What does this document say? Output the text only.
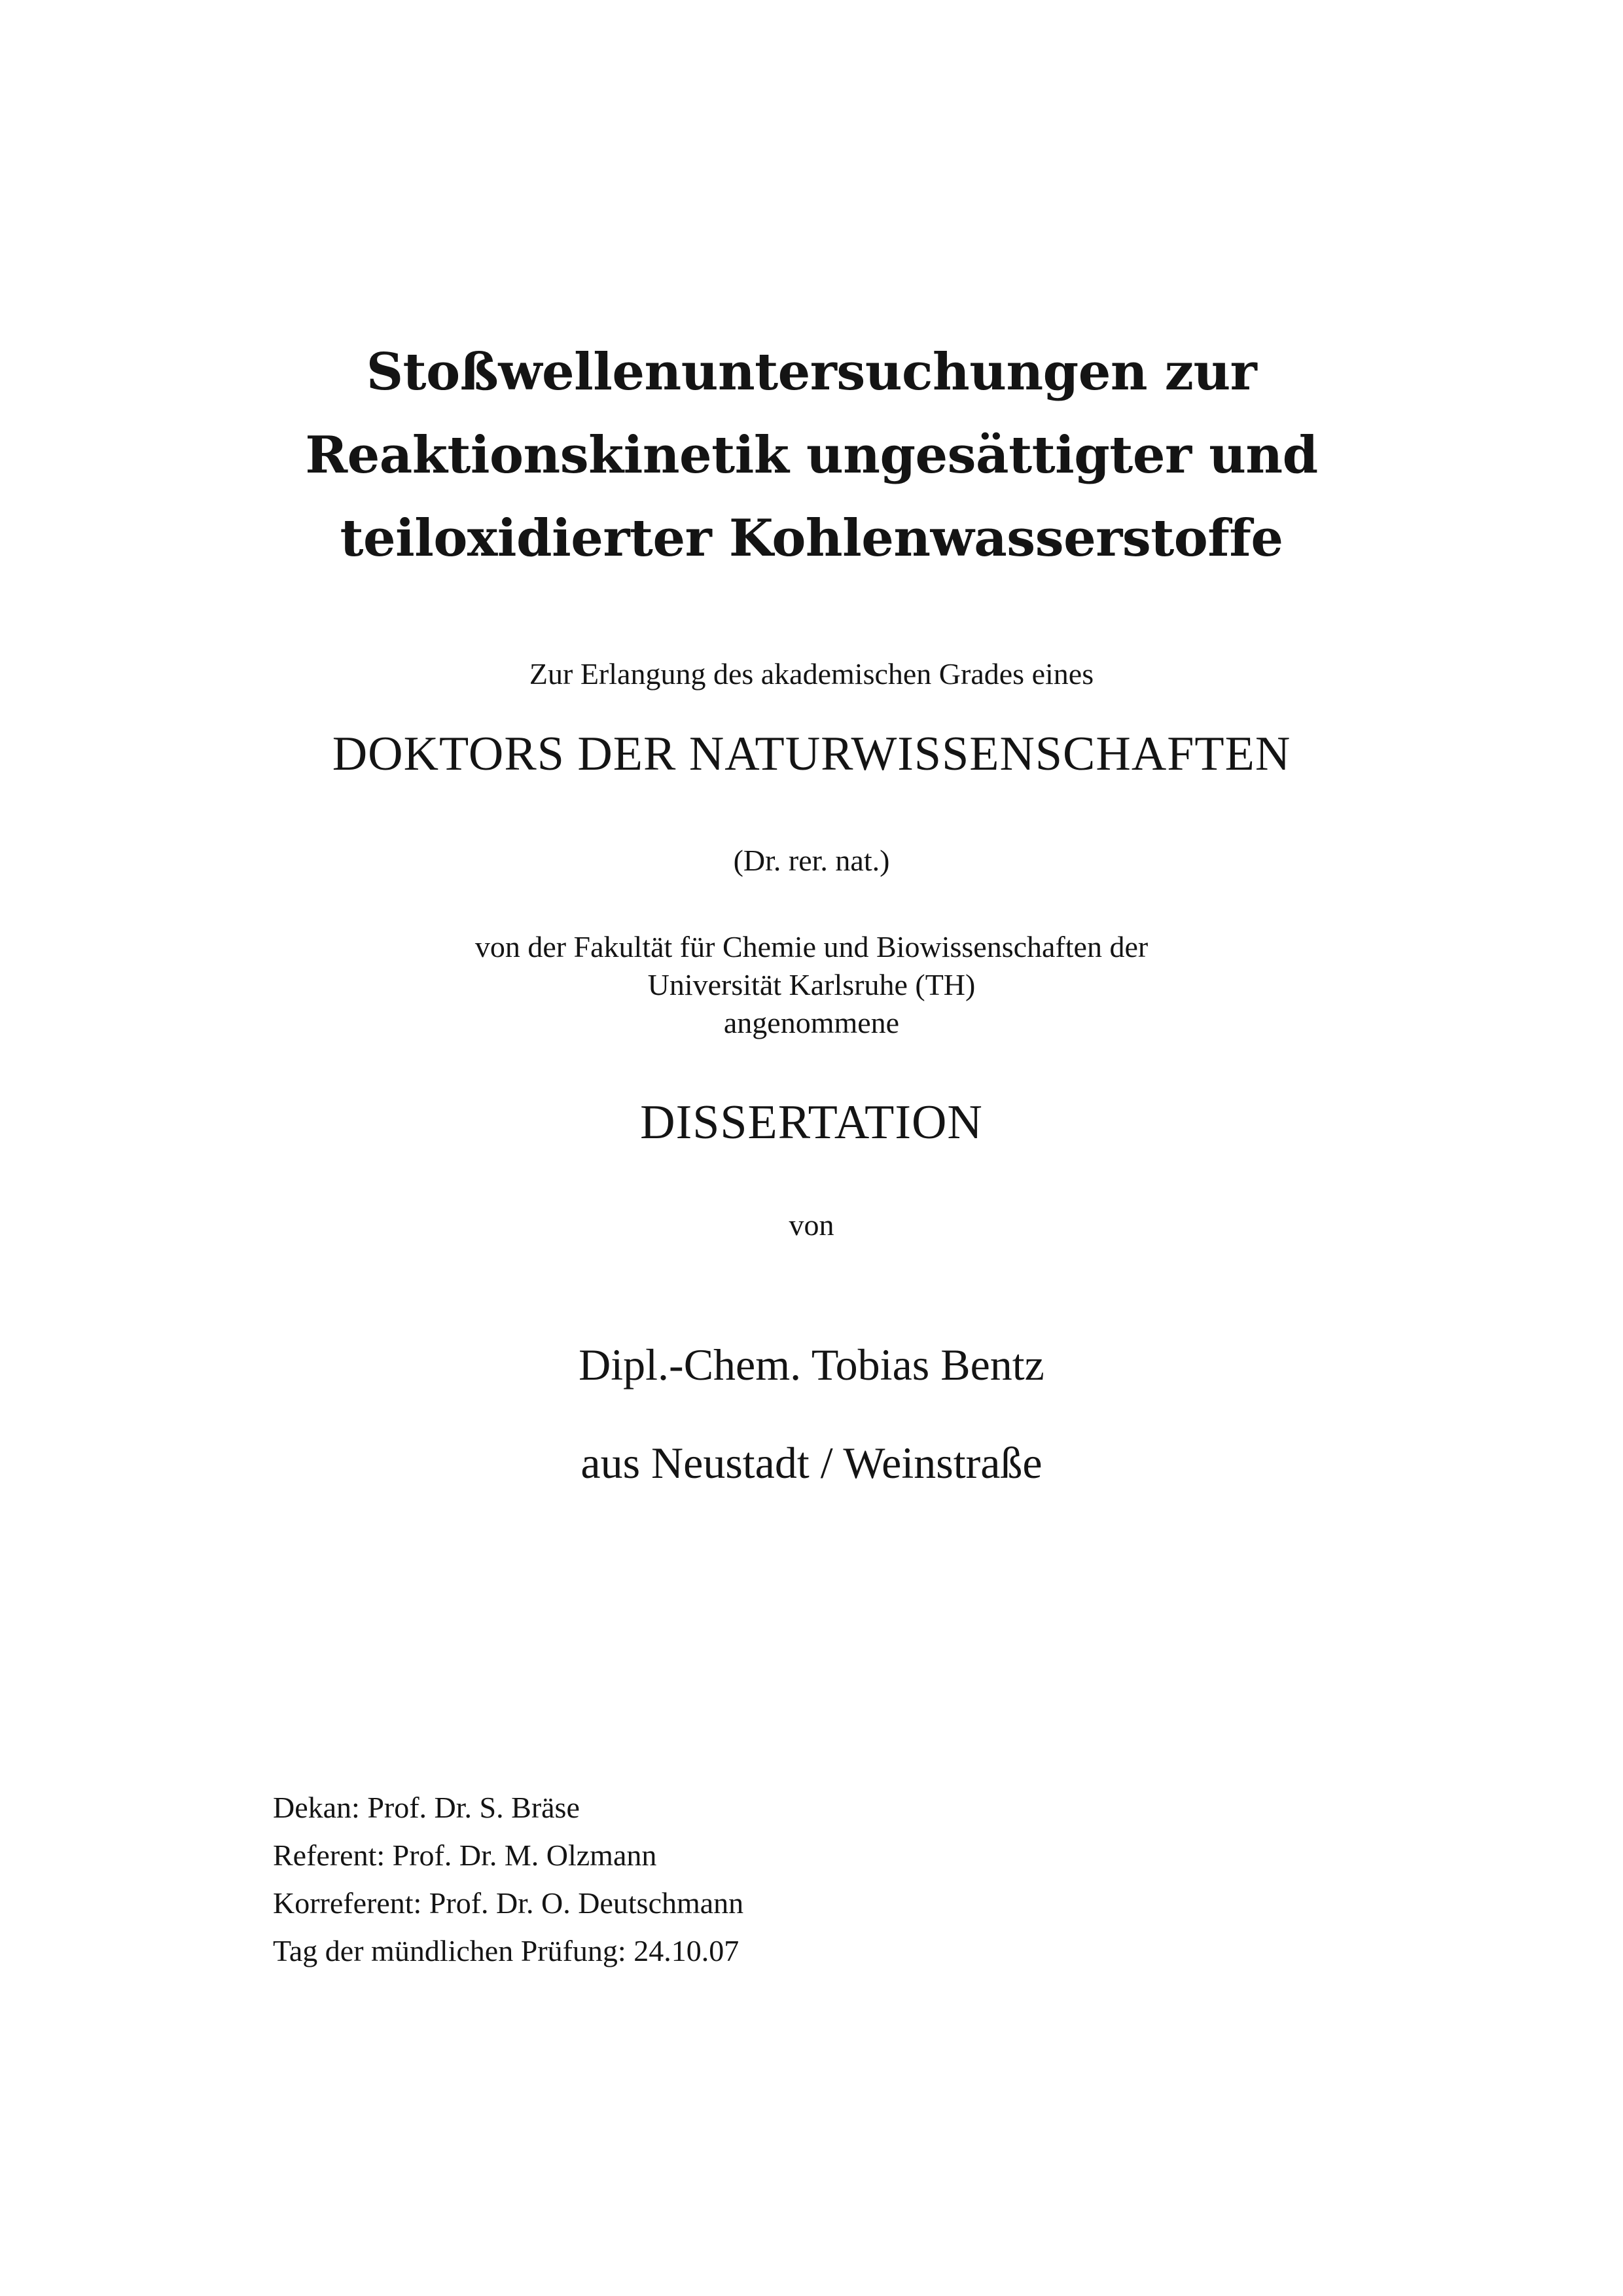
Stoßwellenuntersuchungen zur
Reaktionskinetik ungesättigter und
teiloxidierter Kohlenwasserstoffe
Zur Erlangung des akademischen Grades eines
DOKTORS DER NATURWISSENSCHAFTEN
(Dr. rer. nat.)
von der Fakultät für Chemie und Biowissenschaften der
Universität Karlsruhe (TH)
angenommene
DISSERTATION
von
Dipl.-Chem. Tobias Bentz
aus Neustadt / Weinstraße
Dekan: Prof. Dr. S. Bräse
Referent: Prof. Dr. M. Olzmann
Korreferent: Prof. Dr. O. Deutschmann
Tag der mündlichen Prüfung: 24.10.07
